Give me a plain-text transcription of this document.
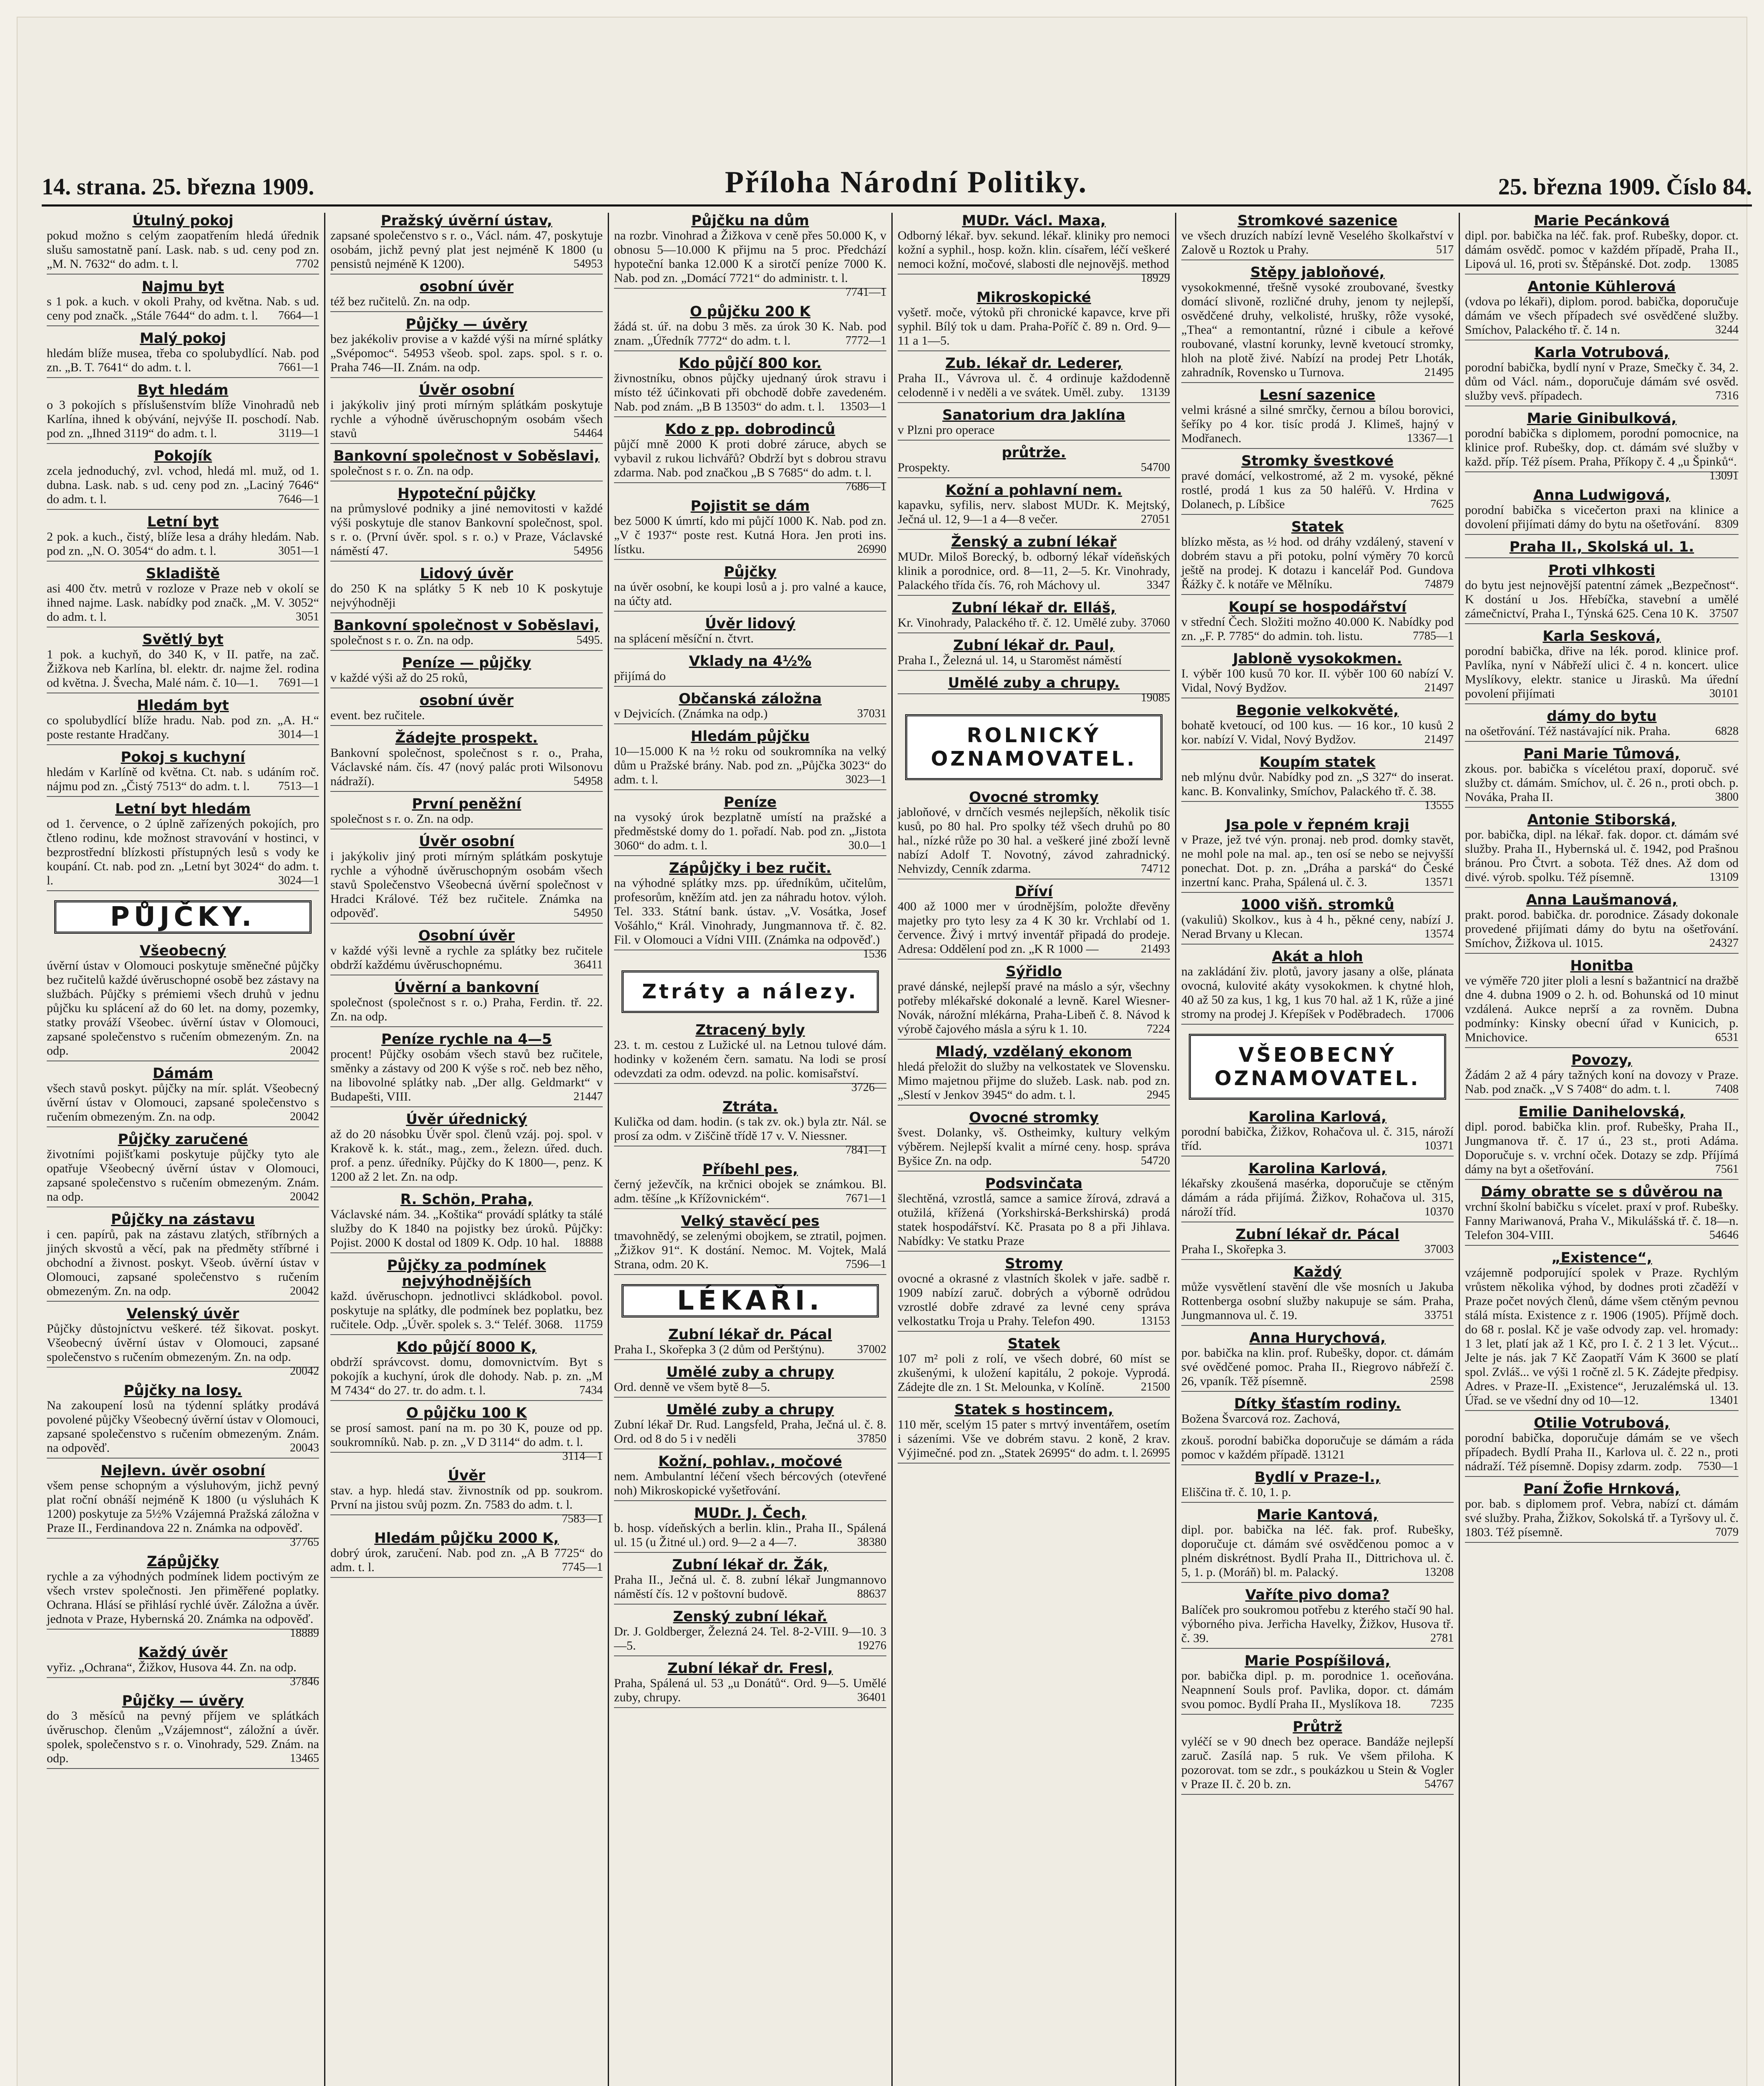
14. strana. 25. března 1909.	Příloha Národní Politiky.	25. března 1909. Číslo 84.
Útulný pokoj
pokud možno s celým zaopatřením hledá úřednik slušu samostatně paní. Lask. nab. s ud. ceny pod zn. „M. N. 7632“ do adm. t. l.	7702
Najmu byt
s 1 pok. a kuch. v okoli Prahy, od května. Nab. s ud. ceny pod značk. „Stále 7644“ do adm. t. l. 7664—1
Malý pokoj
hledám blíže musea, třeba co spolubydlící. Nab. pod zn. „B. T. 7641“ do adm. t. l.	7661—1
Byt hledám
o 3 pokojích s příslušenstvím blíže Vinohradů neb Karlína, ihned k obývání, nejvýše II. poschodí. Nab. pod zn. „Ihned 3119“ do adm. t. l.	3119—1
Pokojík
zcela jednoduchý, zvl. vchod, hledá ml. muž, od 1. dubna. Lask. nab. s ud. ceny pod zn. „Laciný 7646“ do adm. t. l.	7646—1
Letní byt
2 pok. a kuch., čistý, blíže lesa a dráhy hledám. Nab. pod zn. „N. O. 3054“ do adm. t. l.	3051—1
Skladiště
asi 400 čtv. metrů v rozloze v Praze neb v okolí se ihned najme. Lask. nabídky pod značk. „M. V. 3052“ do adm. t. l.	3051
Světlý byt
1 pok. a kuchyň, do 340 K, v II. patře, na zač. Žižkova neb Karlína, bl. elektr. dr. najme žel. rodina od května. J. Švecha, Malé nám. č. 10—1. 7691—1
Hledám byt
co spolubydlící blíže hradu. Nab. pod zn. „A. H.“ poste restante Hradčany.	3014—1
Pokoj s kuchyní
hledám v Karlíně od května. Ct. nab. s udáním roč. nájmu pod zn. „Čistý 7513“ do adm. t. l. 7513—1
Letní byt hledám
od 1. července, o 2 úplně zařízených pokojích, pro čtleno rodinu, kde možnost stravování v hostinci, v bezprostřední blízkosti přístupných lesů s vody ke koupání. Ct. nab. pod zn. „Letní byt 3024“ do adm. t. l.	3024—1
PŮJČKY.
Všeobecný
úvěrní ústav v Olomouci poskytuje směnečné půjčky bez ručitelů každé úvěruschopné osobě bez zástavy na službách. Půjčky s prémiemi všech druhů v jednu půjčku ku splácení až do 60 let. na domy, pozemky, statky prováží Všeobec. úvěrní ústav v Olomouci, zapsané společenstvo s ručením obmezeným. Zn. na odp.	20042
Dámám
všech stavů poskyt. půjčky na mír. splát. Všeobecný úvěrní ústav v Olomouci, zapsané společenstvo s ručením obmezeným. Zn. na odp.	20042
Půjčky zaručené
životními pojišťkami poskytuje půjčky tyto ale opatřuje Všeobecný úvěrní ústav v Olomouci, zapsané společenstvo s ručením obmezeným. Znám. na odp.	20042
Půjčky na zástavu
i cen. papírů, pak na zástavu zlatých, stříbrných a jiných skvostů a věcí, pak na předměty stříbrné i obchodní a živnost. poskyt. Všeob. úvěrní ústav v Olomouci, zapsané společenstvo s ručením obmezeným. Zn. na odp.	20042
Velenský úvěr
Půjčky důstojníctvu veškeré. též šikovat. poskyt. Všeobecný úvěrní ústav v Olomouci, zapsané společenstvo s ručením obmezeným. Zn. na odp.
20042
Půjčky na losy.
Na zakoupení losů na týdenní splátky prodává povolené půjčky Všeobecný úvěrní ústav v Olomouci, zapsané společenstvo s ručením obmezeným. Znám. na odpověď.	20043
Nejlevn. úvěr osobní
všem pense schopným a výsluhovým, jichž pevný plat roční obnáší nejméně K 1800 (u výsluhách K 1200) poskytuje za 5½% Vzájemná Pražská záložna v Praze II., Ferdinandova 22 n. Známka na odpověď.
37765
Zápůjčky
rychle a za výhodných podmínek lidem poctivým ze všech vrstev společnosti. Jen přiměřené poplatky. Ochrana. Hlásí se přihlásí rychlé úvěr. Záložna a úvěr. jednota v Praze, Hybernská 20. Známka na odpověď.
18889
Každý úvěr
vyřiz. „Ochrana“, Žižkov, Husova 44. Zn. na odp.
37846
Půjčky — úvěry
do 3 měsíců na pevný příjem ve splátkách úvěruschop. členům „Vzájemnost“, záložní a úvěr. spolek, společenstvo s r. o. Vinohrady, 529. Znám. na odp.	13465
Pražský úvěrní ústav,
zapsané společenstvo s r. o., Václ. nám. 47, poskytuje osobám, jichž pevný plat jest nejméně K 1800 (u pensistů nejméně K 1200).	54953
osobní úvěr
též bez ručitelů. Zn. na odp.
Půjčky — úvěry
bez jakékoliv provise a v každé výši na mírné splátky „Svépomoc“. 54953 všeob. spol. zaps. spol. s r. o. Praha 746—II. Znám. na odp.
Úvěr osobní
i jakýkoliv jiný proti mírným splátkám poskytuje rychle a výhodně úvěruschopným osobám všech stavů	54464
Bankovní společnost v Soběslavi,
společnost s r. o. Zn. na odp.
Hypoteční půjčky
na průmyslové podniky a jiné nemovitosti v každé výši poskytuje dle stanov Bankovní společnost, spol. s r. o. (První úvěr. spol. s r. o.) v Praze, Václavské náměstí 47.	54956
Lidový úvěr
do 250 K na splátky 5 K neb 10 K poskytuje nejvýhodněji
Bankovní společnost v Soběslavi,
společnost s r. o. Zn. na odp.	5495.
Peníze — půjčky
v každé výši až do 25 roků,
osobní úvěr
event. bez ručitele.
Žádejte prospekt.
Bankovní společnost, společnost s r. o., Praha, Václavské nám. čís. 47 (nový palác proti Wilsonovu nádraží).	54958
První peněžní
společnost s r. o. Zn. na odp.
Úvěr osobní
i jakýkoliv jiný proti mírným splátkám poskytuje rychle a výhodně úvěruschopným osobám všech stavů Společenstvo Všeobecná úvěrní společnost v Hradci Králové. Též bez ručitele. Známka na odpověď.	54950
Osobní úvěr
v každé výši levně a rychle za splátky bez ručitele obdrží každému úvěruschopnému.	36411
Úvěrní a bankovní
společnost (společnost s r. o.) Praha, Ferdin. tř. 22. Zn. na odp.
Peníze rychle na 4—5
procent! Půjčky osobám všech stavů bez ručitele, směnky a zástavy od 200 K výše s roč. neb bez něho, na libovolné splátky nab. „Der allg. Geldmarkt“ v Budapešti, VIII.	21447
Úvěr úřednický
až do 20 násobku Úvěr spol. členů vzáj. poj. spol. v Krakově k. k. stát., mag., zem., železn. úřed. duch. prof. a penz. úředníky. Půjčky do K 1800—, penz. K 1200 až 2 let. Zn. na odp.
R. Schön, Praha,
Václavské nám. 34. „Koštika“ provádí splátky ta stálé služby do K 1840 na pojistky bez úroků. Půjčky: Pojist. 2000 K dostal od 1809 K. Odp. 10 hal. 18888
Půjčky za podmínek nejvýhodnějších
každ. úvěruschopn. jednotlivci skládkobol. povol. poskytuje na splátky, dle podmínek bez poplatku, bez ručitele. Odp. „Úvěr. spolek s. 3.“ Teléf. 3068. 11759
Kdo půjčí 8000 K,
obdrží správcovst. domu, domovnictvím. Byt s pokojík a kuchyní, úrok dle dohody. Nab. p. zn. „M M 7434“ do 27. tr. do adm. t. l.	7434
O půjčku 100 K
se prosí samost. paní na m. po 30 K, pouze od pp. soukromníků. Nab. p. zn. „V D 3114“ do adm. t. l.
3114—1
Úvěr
stav. a hyp. hledá stav. živnostník od pp. soukrom. První na jistou svůj pozm. Zn. 7583 do adm. t. l.
7583—1
Hledám půjčku 2000 K,
dobrý úrok, zaručení. Nab. pod zn. „A B 7725“ do adm. t. l.	7745—1
Půjčku na dům
na rozbr. Vinohrad a Žižkova v ceně přes 50.000 K, v obnosu 5—10.000 K přijmu na 5 proc. Předchází hypoteční banka 12.000 K a sirotčí peníze 7000 K. Nab. pod zn. „Domácí 7721“ do administr. t. l.
7741—1
O půjčku 200 K
žádá st. úř. na dobu 3 měs. za úrok 30 K. Nab. pod znam. „Úředník 7772“ do adm. t. l.	7772—1
Kdo půjčí 800 kor.
živnostníku, obnos půjčky ujednaný úrok stravu i místo též účinkovati při obchodě dobře zavedeném. Nab. pod znám. „B B 13503“ do adm. t. l. 13503—1
Kdo z pp. dobrodinců
půjčí mně 2000 K proti dobré záruce, abych se vybavil z rukou lichvářů? Obdrží byt s dobrou stravu zdarma. Nab. pod značkou „B S 7685“ do adm. t. l.
7686—1
Pojistit se dám
bez 5000 K úmrtí, kdo mi půjčí 1000 K. Nab. pod zn. „V č 1937“ poste rest. Kutná Hora. Jen proti ins. lístku.	26990
Půjčky
na úvěr osobní, ke koupi losů a j. pro valné a kauce, na účty atd.
Úvěr lidový
na splácení měsíční n. čtvrt.
Vklady na 4½%
přijímá do
Občanská záložna
v Dejvicích. (Známka na odp.)	37031
Hledám půjčku
10—15.000 K na ½ roku od soukromníka na velký dům u Pražské brány. Nab. pod zn. „Půjčka 3023“ do adm. t. l.	3023—1
Peníze
na vysoký úrok bezplatně umístí na pražské a předměstské domy do 1. pořadí. Nab. pod zn. „Jistota 3060“ do adm. t. l.	30.0—1
Zápůjčky i bez ručit.
na výhodné splátky mzs. pp. úředníkům, učitelům, profesorům, kněžím atd. jen za náhradu hotov. výloh. Tel. 333. Státní bank. ústav. „V. Vosátka, Josef Vošáhlo,“ Král. Vinohrady, Jungmannova tř. č. 82. Fil. v Olomouci a Vídni VIII. (Známka na odpověď.)
1536
Ztráty a nálezy.
Ztracený byly
23. t. m. cestou z Lužické ul. na Letnou tulové dám. hodinky v koženém čern. samatu. Na lodi se prosí odevzdati za odm. odevzd. na polic. komisařství.
3726—
Ztráta.
Kulička od dam. hodin. (s tak zv. ok.) byla ztr. Nál. se prosí za odm. v Ziščině třídě 17 v. V. Niessner.
7841—1
Příbehl pes,
černý ježevčík, na krčnici obojek se známkou. Bl. adm. těšíne „k Křížovnickém“.	7671—1
Velký stavěcí pes
tmavohnědý, se zelenými obojkem, se ztratil, pojmen. „Žižkov 91“. K dostání. Nemoc. M. Vojtek, Malá Strana, odm. 20 K.	7596—1
LÉKAŘI.
Zubní lékař dr. Pácal
Praha I., Skořepka 3 (2 dům od Perštýnu).	37002
Umělé zuby a chrupy
Ord. denně ve všem bytě 8—5.
Umělé zuby a chrupy
Zubní lékař Dr. Rud. Langsfeld, Praha, Ječná ul. č. 8. Ord. od 8 do 5 i v neděli	37850
Kožní, pohlav., močové
nem. Ambulantní léčení všech bércových (otevřené noh) Mikroskopické vyšetřování.
MUDr. J. Čech,
b. hosp. vídeňských a berlin. klin., Praha II., Spálená ul. 15 (u Žitné ul.) ord. 9—2 a 4—7.	38380
Zubní lékař dr. Žák,
Praha II., Ječná ul. č. 8. zubní lékař Jungmannovo náměstí čís. 12 v poštovní budově.	88637
Zenský zubní lékař.
Dr. J. Goldberger, Železná 24. Tel. 8-2-VIII. 9—10. 3—5.	19276
Zubní lékař dr. Fresl,
Praha, Spálená ul. 53 „u Donátů“. Ord. 9—5. Umělé zuby, chrupy.	36401
MUDr. Václ. Maxa,
Odborný lékař. byv. sekund. lékař. kliniky pro nemoci kožní a syphil., hosp. kožn. klin. císařem, léčí veškeré nemoci kožní, močové, slabosti dle nejnovějš. method
18929
Mikroskopické
vyšetř. moče, výtoků při chronické kapavce, krve při syphil. Bílý tok u dam. Praha-Poříč č. 89 n. Ord. 9—11 a 1—5.
Zub. lékař dr. Lederer,
Praha II., Vávrova ul. č. 4 ordinuje každodenně celodenně i v neděli a ve svátek. Uměl. zuby. 13139
Sanatorium dra Jaklína
v Plzni pro operace
průtrže.
Prospekty.	54700
Kožní a pohlavní nem.
kapavku, syfilis, nerv. slabost MUDr. K. Mejtský, Ječná ul. 12, 9—1 a 4—8 večer.	27051
Ženský a zubní lékař
MUDr. Miloš Borecký, b. odborný lékař vídeňských klinik a porodnice, ord. 8—11, 2—5. Kr. Vinohrady, Palackého třída čís. 76, roh Máchovy ul.	3347
Zubní lékař dr. Elláš,
Kr. Vinohrady, Palackého tř. č. 12. Umělé zuby. 37060
Zubní lékař dr. Paul,
Praha I., Železná ul. 14, u Staroměst náměstí
Umělé zuby a chrupy.
19085
ROLNICKÝ OZNAMOVATEL.
Ovocné stromky
jabloňové, v drnčích vesmés nejlepších, několik tisíc kusů, po 80 hal. Pro spolky též všech druhů po 80 hal., nízké růže po 30 hal. a veškeré jiné zboží levně nabízí Adolf T. Novotný, závod zahradnický. Nehvizdy, Cenník zdarma.	74712
Dříví
400 až 1000 mer v úrodnějším, položte dřevěny majetky pro tyto lesy za 4 K 30 kr. Vrchlabí od 1. července. Živý i mrtvý inventář připadá do prodeje. Adresa: Oddělení pod zn. „K R 1000 —	21493
Sýřidlo
pravé dánské, nejlepší pravé na máslo a sýr, všechny potřeby mlékařské dokonalé a levně. Karel Wiesner-Novák, nárožní mlékárna, Praha-Libeň č. 8. Návod k výrobě čajového másla a sýru k 1. 10.	7224
Mladý, vzdělaný ekonom
hledá přeložit do služby na velkostatek ve Slovensku. Mimo majetnou přijme do služeb. Lask. nab. pod zn. „Slestí v Jenkov 3945“ do adm. t. l.	2945
Ovocné stromky
švest. Dolanky, vš. Ostheimky, kultury velkým výběrem. Nejlepší kvalit a mírné ceny. hosp. správa Byšice Zn. na odp.	54720
Podsvinčata
šlechtěná, vzrostlá, samce a samice žírová, zdravá a otužilá, křížená (Yorkshirská-Berkshirská) prodá statek hospodářství. Kč. Prasata po 8 a při Jihlava. Nabídky: Ve statku Praze
Stromy
ovocné a okrasné z vlastních školek v jaře. sadbě r. 1909 nabízí zaruč. dobrých a výborně odrůdou vzrostlé dobře zdravé za levné ceny správa velkostatku Troja u Prahy. Telefon 490.	13153
Statek
107 m² poli z rolí, ve všech dobré, 60 míst se zkušenými, k uložení kapitálu, 2 pokoje. Vyprodá. Zádejte dle zn. 1 St. Melounka, v Kolíně.	21500
Statek s hostincem,
110 měr, scelým 15 pater s mrtvý inventářem, osetím i sázeními. Vše ve dobrém stavu. 2 koně, 2 krav. Výjimečné. pod zn. „Statek 26995“ do adm. t. l. 26995
Stromkové sazenice
ve všech druzích nabízí levně Veselého školkařství v Zalově u Roztok u Prahy.	517
Stěpy jabloňové,
vysokokmenné, třešně vysoké zroubované, švestky domácí slivoně, rozličné druhy, jenom ty nejlepší, osvědčené druhy, velkolisté, hrušky, rôže vysoké, „Thea“ a remontantní, různé i cibule a keřové roubované, vlastní korunky, levně kvetoucí stromky, hloh na plotě živé. Nabízí na prodej Petr Lhoták, zahradník, Rovensko u Turnova.	21495
Lesní sazenice
velmi krásné a silné smrčky, černou a bílou borovici, šeříky po 4 kor. tisíc prodá J. Klimeš, hajný v Modřanech.	13367—1
Stromky švestkové
pravé domácí, velkostromé, až 2 m. vysoké, pěkné rostlé, prodá 1 kus za 50 haléřů. V. Hrdina v Dolanech, p. Líbšice	7625
Statek
blízko města, as ½ hod. od dráhy vzdálený, stavení v dobrém stavu a při potoku, polní výměry 70 korců ještě na prodej. K dotazu i kancelář Pod. Gundova Řážky č. k notáře ve Mělníku.	74879
Koupí se hospodářství
v střední Čech. Složiti možno 40.000 K. Nabídky pod zn. „F. P. 7785“ do admin. toh. listu.	7785—1
Jabloně vysokokmen.
I. výběr 100 kusů 70 kor. II. výběr 100 60 nabízí V. Vidal, Nový Bydžov.	21497
Begonie velkokvěté,
bohatě kvetoucí, od 100 kus. — 16 kor., 10 kusů 2 kor. nabízí V. Vidal, Nový Bydžov.	21497
Koupím statek
neb mlýnu dvůr. Nabídky pod zn. „S 327“ do inserat. kanc. B. Konvalinky, Smíchov, Palackého tř. č. 38.
13555
Jsa pole v řepném kraji
v Praze, jež tvé výn. pronaj. neb prod. domky stavět, ne mohl pole na mal. ap., ten osí se nebo se nejvyšší ponechat. Dot. p. zn. „Dráha a parská“ do České inzertní kanc. Praha, Spálená ul. č. 3.	13571
1000 višň. stromků
(vakuliů) Skolkov., kus à 4 h., pěkné ceny, nabízí J. Nerad Brvany u Klecan.	13574
Akát a hloh
na zakládání živ. plotů, javory jasany a olše, plánata ovocná, kulovité akáty vysokokmen. k chytné hloh, 40 až 50 za kus, 1 kg, 1 kus 70 hal. až 1 K, růže a jiné stromy na prodej J. Kŕepíšek v Poděbradech. 17006
VŠEOBECNÝ OZNAMOVATEL.
Karolina Karlová,
porodní babička, Žižkov, Rohačova ul. č. 315, nároží tříd.	10371
Karolina Karlová,
lékařsky zkoušená masérka, doporučuje se ctěným dámám a ráda přijímá. Žižkov, Rohačova ul. 315, nároží tříd.	10370
Zubní lékař dr. Pácal
Praha I., Skořepka 3.	37003
Každý
může vysvětlení stavění dle vše mosních u Jakuba Rottenberga osobní služby nakupuje se sám. Praha, Jungmannova ul. č. 19.	33751
Anna Hurychová,
por. babička na klin. prof. Rubešky, dopor. ct. dámám své ovědčené pomoc. Praha II., Riegrovo nábřeží č. 26, vpaník. Těž písemně.	2598
Dítky šťastím rodiny.
Božena Švarcová roz. Zachová,
zkouš. porodní babička doporučuje se dámám a ráda pomoc v každém případě. 13121
Bydlí v Praze-I.,
Eliščina tř. č. 10, 1. p.
Marie Kantová,
dipl. por. babička na léč. fak. prof. Rubešky, doporučuje ct. dámám své osvědčenou pomoc a v plném diskrétnost. Bydlí Praha II., Dittrichova ul. č. 5, 1. p. (Moráň) bl. m. Palacký.	13208
Vaříte pivo doma?
Balíček pro soukromou potřebu z kterého stačí 90 hal. výborného piva. Jerřicha Havelky, Žižkov, Husova tř. č. 39.	2781
Marie Pospíšilová,
por. babička dipl. p. m. porodnice 1. oceňována. Neapnnení Souls prof. Pavlika, dopor. ct. dámám svou pomoc. Bydlí Praha II., Myslíkova 18.	7235
Průtrž
vyléčí se v 90 dnech bez operace. Bandáže nejlepší zaruč. Zasílá nap. 5 ruk. Ve všem přiloha. K pozorovat. tom se zdr., s poukázkou u Stein & Vogler v Praze II. č. 20 b. zn.	54767
Marie Pecánková
dipl. por. babička na léč. fak. prof. Rubešky, dopor. ct. dámám osvědč. pomoc v každém případě, Praha II., Lipová ul. 16, proti sv. Štěpánské. Dot. zodp. 13085
Antonie Kühlerová
(vdova po lékaři), diplom. porod. babička, doporučuje dámám ve všech případech své osvědčené služby. Smíchov, Palackého tř. č. 14 n.	3244
Karla Votrubová,
porodní babička, bydlí nyní v Praze, Smečky č. 34, 2. dům od Václ. nám., doporučuje dámám své osvěd. služby vevš. případech.	7316
Marie Ginibulková,
porodní babička s diplomem, porodní pomocnice, na klinice prof. Rubešky, dop. ct. dámám své služby v každ. příp. Též písem. Praha, Příkopy č. 4 „u Špinků“.
13091
Anna Ludwigová,
porodní babička s vicečerton praxi na klinice a dovolení přijímati dámy do bytu na ošetřování. 8309
Praha II., Skolská ul. 1.
Proti vlhkosti
do bytu jest nejnovější patentní zámek „Bezpečnost“. K dostání u Jos. Hřebíčka, stavební a umělé zámečnictví, Praha I., Týnská 625. Cena 10 K. 37507
Karla Sesková,
porodní babička, dřive na lék. porod. klinice prof. Pavlíka, nyní v Nábřeží ulici č. 4 n. koncert. ulice Myslíkovy, elektr. stanice u Jirasků. Ma úřední povolení přijímati	30101
dámy do bytu
na ošetřování. Též nastávající nik. Praha.	6828
Pani Marie Tůmová,
zkous. por. babička s vícelétou praxí, doporuč. své služby ct. dámám. Smíchov, ul. č. 26 n., proti obch. p. Nováka, Praha II.	3800
Antonie Stiborská,
por. babička, dipl. na lékař. fak. dopor. ct. dámám své služby. Praha II., Hybernská ul. č. 1942, pod Prašnou bránou. Pro Čtvrt. a sobota. Též dnes. Až dom od divé. výrob. spolku. Též písemně.	13109
Anna Laušmanová,
prakt. porod. babička. dr. porodnice. Zásady dokonale provedené přijímati dámy do bytu na ošetřování. Smíchov, Žižkova ul. 1015.	24327
Honitba
ve výměře 720 jiter ploli a lesní s bažantnicí na dražbě dne 4. dubna 1909 o 2. h. od. Bohunská od 10 minut vzdálená. Aukce neprší a za rovněm. Dubna podmínky: Kinsky obecní úřad v Kunicich, p. Mnichovice.	6531
Povozy,
Žádám 2 až 4 páry tažných koní na dovozy v Praze. Nab. pod značk. „V S 7408“ do adm. t. l.	7408
Emilie Danihelovská,
dipl. porod. babička klin. prof. Rubešky, Praha II., Jungmanova tř. č. 17 ú., 23 st., proti Adáma. Doporučuje s. v. vrchní oček. Dotazy se zdp. Příjímá dámy na byt a ošetřování.	7561
Dámy obratte se s důvěrou na
vrchní školní babičku s vícelet. praxí v prof. Rubešky. Fanny Mariwanová, Praha V., Mikulášská tř. č. 18—n. Telefon 304-VIII.	54646
„Existence“,
vzájemně podporující spolek v Praze. Rychlým vrůstem několika výhod, by dodnes proti zčaděží v Praze počet nových členů, dáme všem ctěným pevnou stálá místa. Existence z r. 1906 (1905). Příjmě doch. do 68 r. poslal. Kč je vaše odvody zap. vel. hromady: 1 3 let, platí jak až 1 Kč, pro I. č. 2 1 3 let. Výcut... Jelte je nás. jak 7 Kč Zaopatří Vám K 3600 se platí spol. Zvláš... ve výši 1 ročně zl. 5 K. Zádejte předpisy. Adres. v Praze-II. „Existence“, Jeruzalémská ul. 13. Úřad. se ve všední dny od 10—12.	13401
Otilie Votrubová,
porodní babička, doporučuje dámám se ve všech případech. Bydlí Praha II., Karlova ul. č. 22 n., proti nádraží. Též písemně. Dopisy zdarm. zodp. 7530—1
Paní Žofie Hrnková,
por. bab. s diplomem prof. Vebra, nabízí ct. dámám své služby. Praha, Žižkov, Sokolská tř. a Tyršovy ul. č. 1803. Též písemně.	7079
